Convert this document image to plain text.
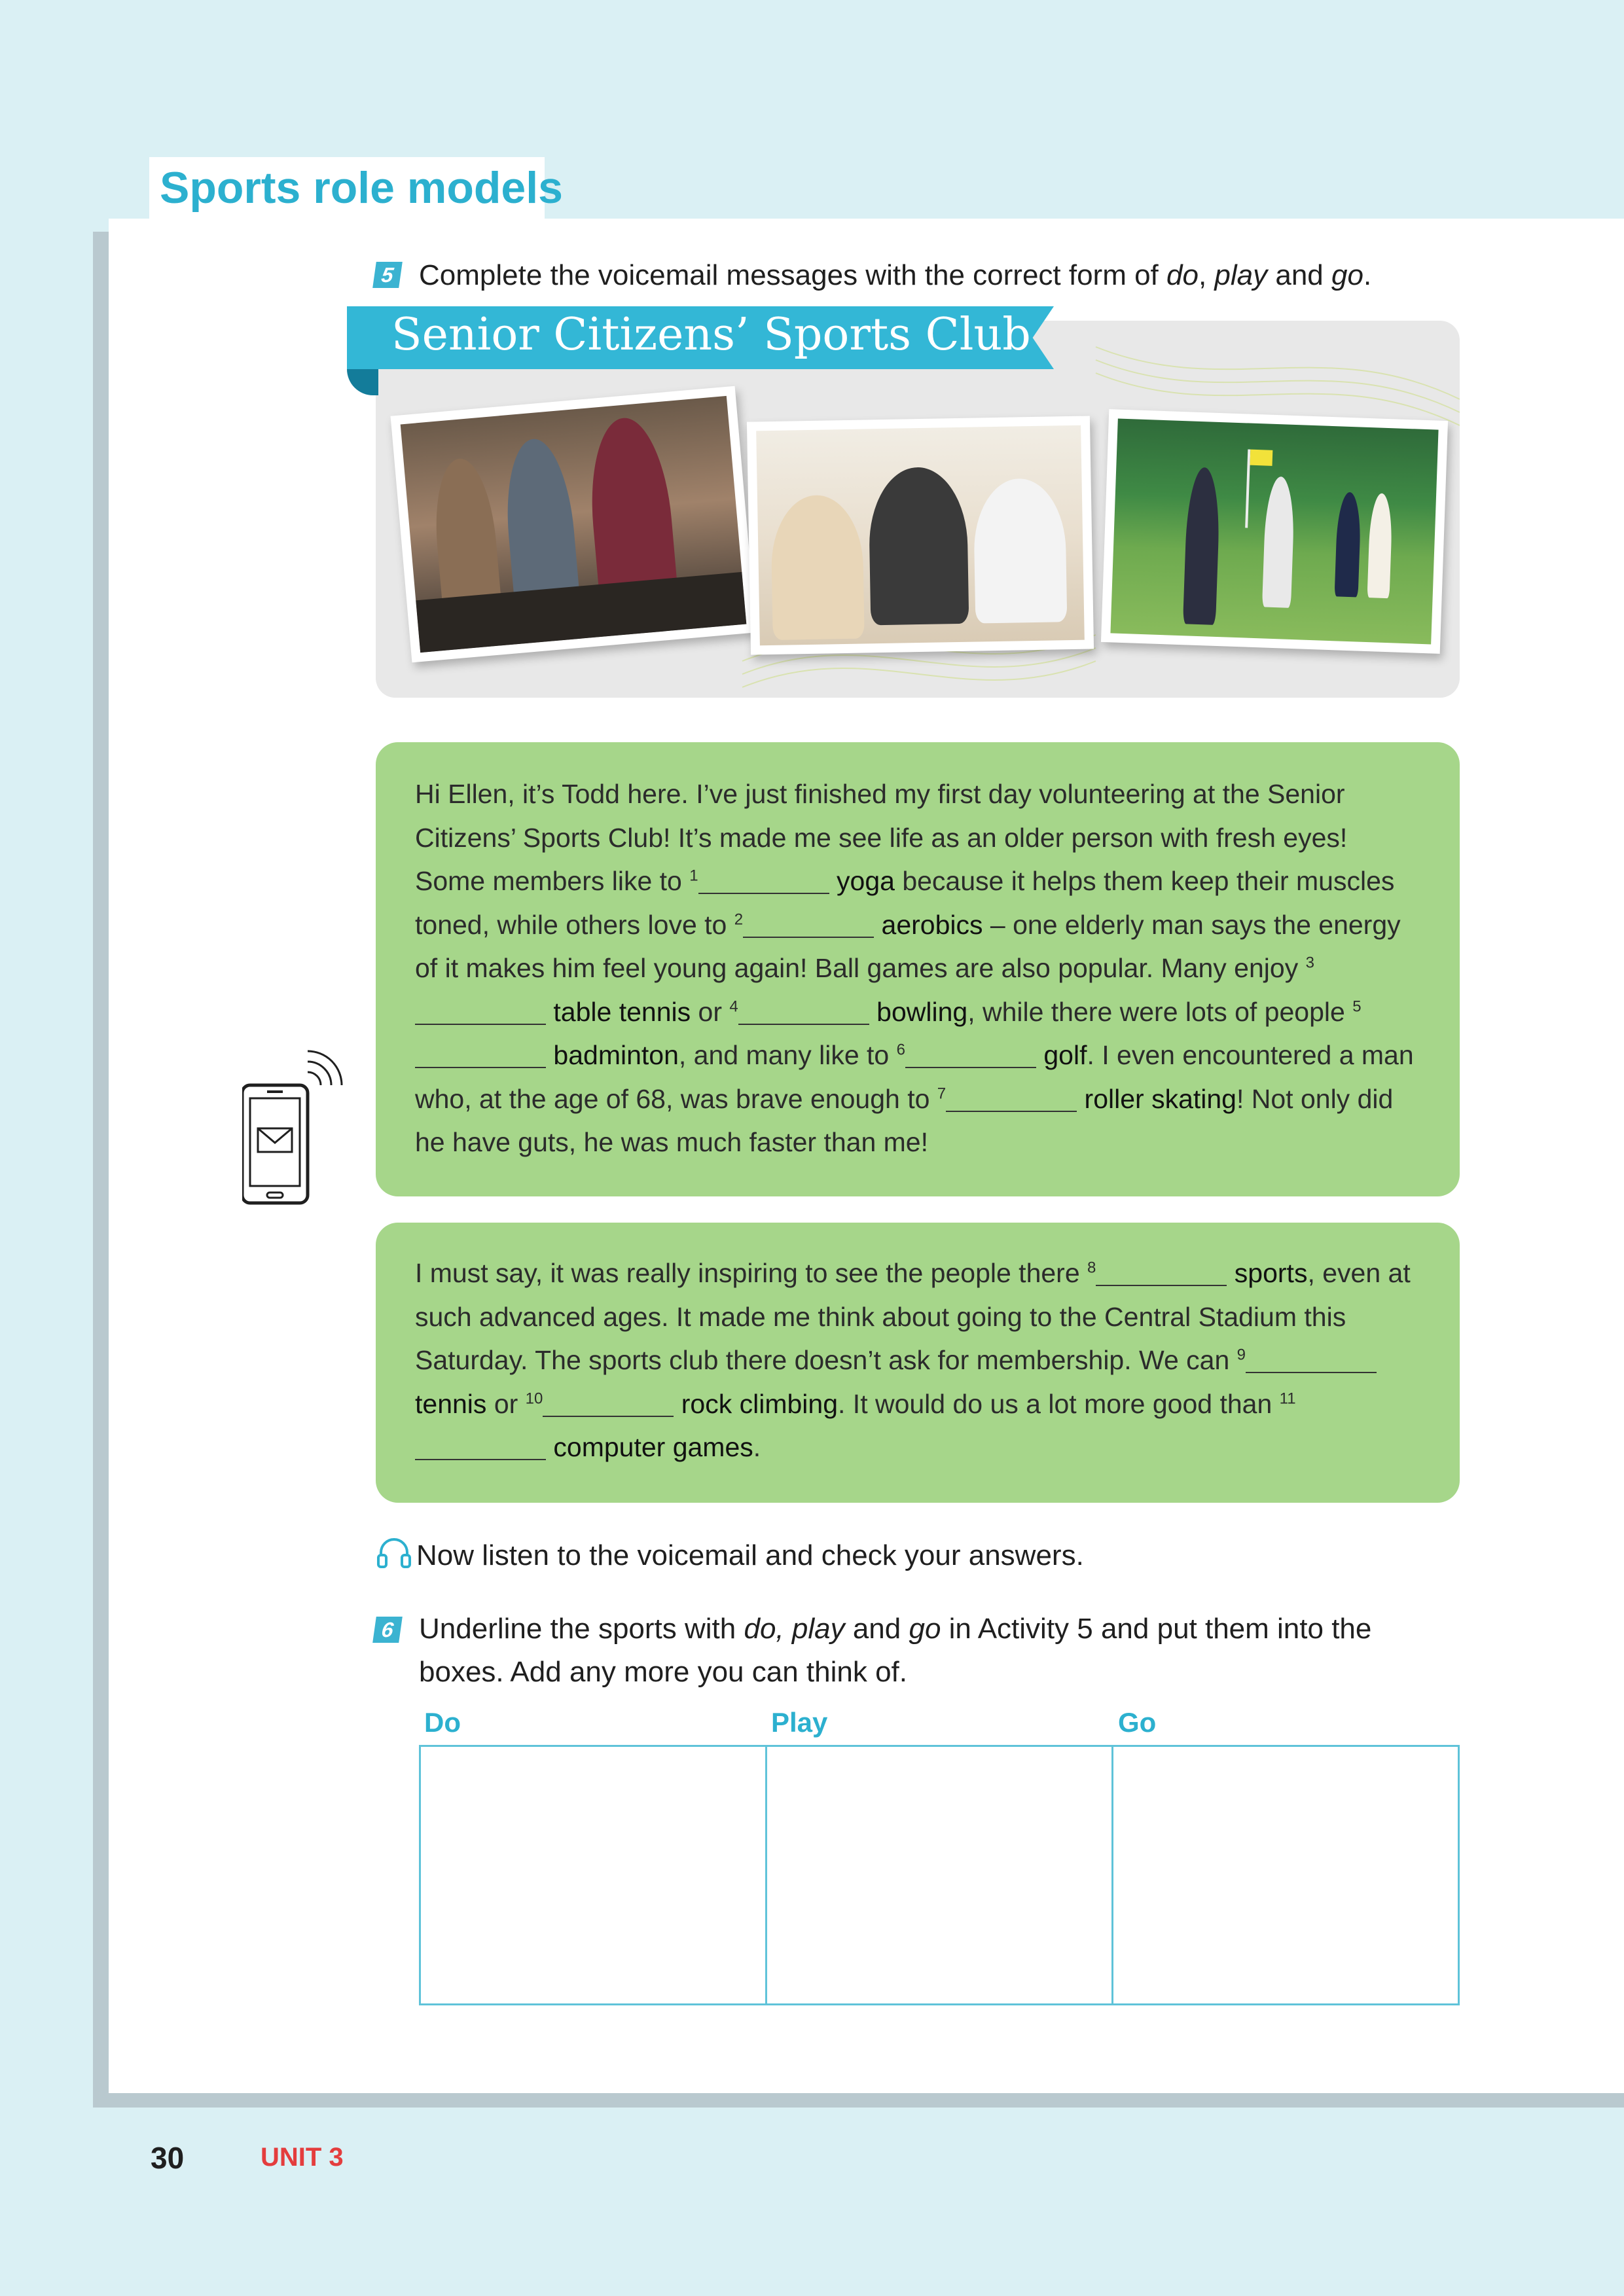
Sports role models
5 Complete the voicemail messages with the correct form of do, play and go.
Senior Citizens’ Sports Club
Hi Ellen, it’s Todd here. I’ve just finished my first day volunteering at the Senior Citizens’ Sports Club! It’s made me see life as an older person with fresh eyes! Some members like to $^1$	yoga because it helps them keep their muscles toned, while others love to $^2$	aerobics – one elderly man says the energy of it makes him feel young again! Ball games are also popular. Many enjoy $^3$ table tennis or $^4$	bowling, while there were lots of people $^5$ badminton, and many like to $^6$	golf. I even encountered a man who, at the age of 68, was brave enough to $^7$	roller skating! Not only did he have guts, he was much faster than me!
I must say, it was really inspiring to see the people there $^8$	sports, even at such advanced ages. It made me think about going to the Central Stadium this Saturday. The sports club there doesn’t ask for membership. We can $^9$ tennis or $^{10}$	rock climbing. It would do us a lot more good than $^{11}$ computer games.
Now listen to the voicemail and check your answers.
6 Underline the sports with do, play and go in Activity 5 and put them into the
boxes. Add any more you can think of.
Do	Play	Go
30	UNIT 3
